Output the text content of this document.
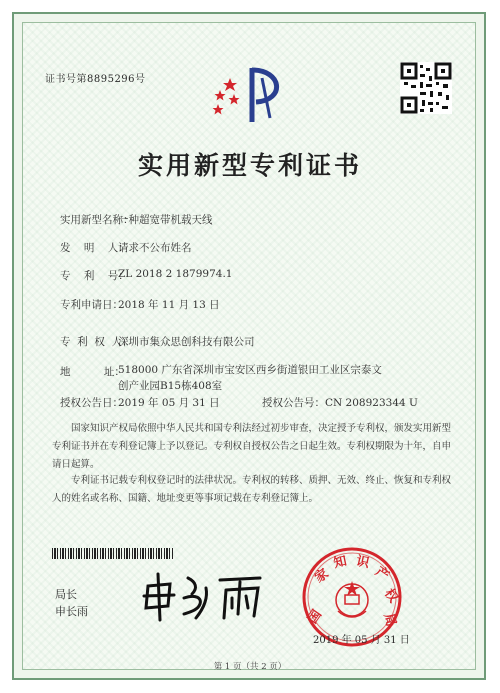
证书号第8895296号
实用新型专利证书
实用新型名称：
一种超宽带机载天线
发    明    人：
请求不公布姓名
专    利    号：
ZL 2018 2 1879974.1
专利申请日：
2018 年 11 月 13 日
专  利  权  人：
深圳市集众思创科技有限公司
地          址：
518000 广东省深圳市宝安区西乡街道银田工业区宗泰文创产业园B15栋408室
授权公告日：
2019 年 05 月 31 日	授权公告号：CN 208923344 U
国家知识产权局依照中华人民共和国专利法经过初步审查，决定授予专利权，颁发实用新型专利证书并在专利登记簿上予以登记。专利权自授权公告之日起生效。专利权期限为十年，自申请日起算。
专利证书记载专利权登记时的法律状况。专利权的转移、质押、无效、终止、恢复和专利权人的姓名或名称、国籍、地址变更等事项记载在专利登记簿上。
局长
申长雨	国
家
知 识
产
权
局
2019 年 05 月 31 日
第 1 页（共 2 页）
